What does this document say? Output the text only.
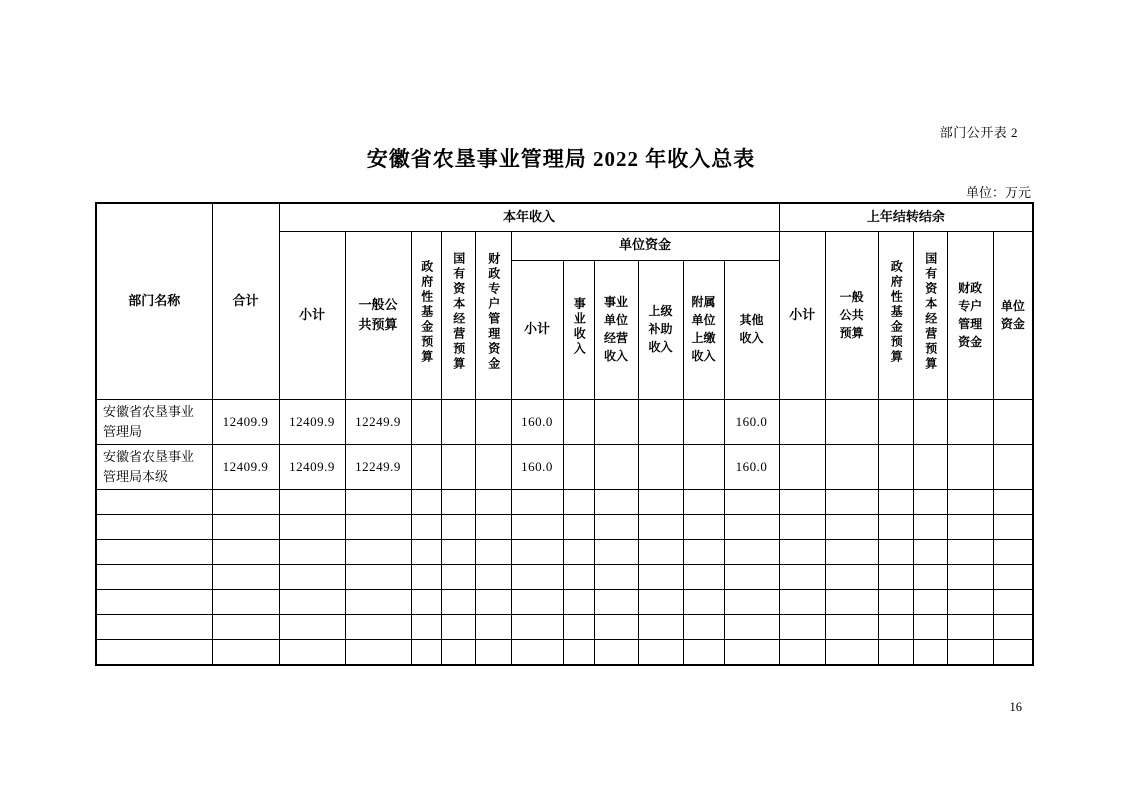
部门公开表 2
安徽省农垦事业管理局 2022 年收入总表
单位：万元
部门名称	合计	本年收入											上年结转结余					
		小计	一般公共预算	政府性基金预算	国有资本经营预算	财政专户管理资金	单位资金						小计	一般公共预算	政府性基金预算	国有资本经营预算	财政专户管理资金	单位资金
							小计	事业收入	事业单位经营收入	上级补助收入	附属单位上缴收入	其他收入						
安徽省农垦事业管理局	12409.9	12409.9	12249.9				160.0					160.0						
安徽省农垦事业管理局本级	12409.9	12409.9	12249.9				160.0					160.0						

16
